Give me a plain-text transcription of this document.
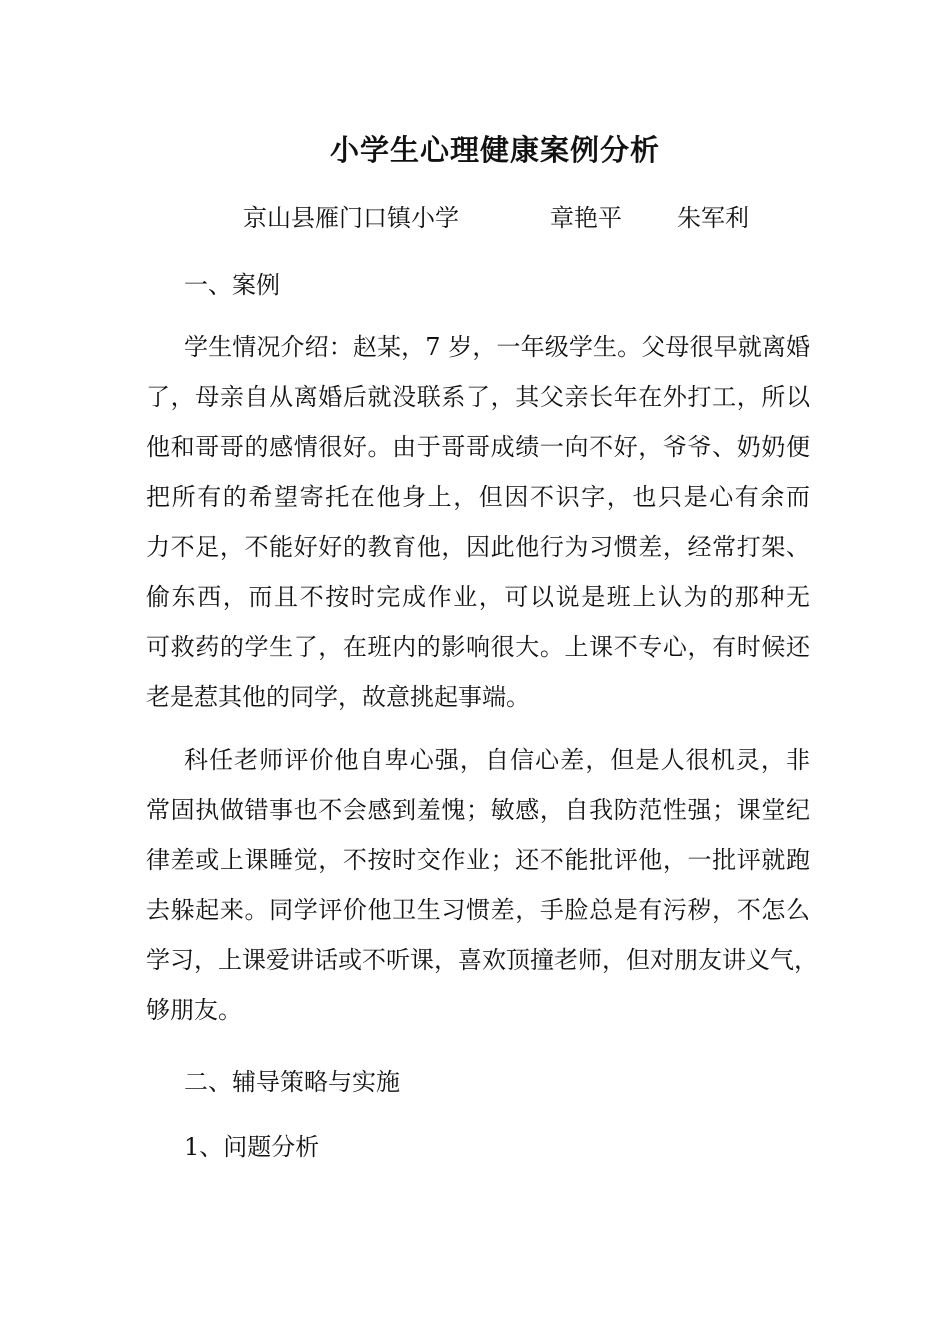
小学生心理健康案例分析
京山县雁门口镇小学	章艳平 朱军利
一、案例
学生情况介绍：赵某，7 岁，一年级学生。父母很早就离婚
了，母亲自从离婚后就没联系了，其父亲长年在外打工，所以
他和哥哥的感情很好。由于哥哥成绩一向不好，爷爷、奶奶便
把所有的希望寄托在他身上，但因不识字，也只是心有余而
力不足，不能好好的教育他，因此他行为习惯差，经常打架、
偷东西，而且不按时完成作业，可以说是班上认为的那种无
可救药的学生了，在班内的影响很大。上课不专心，有时候还
老是惹其他的同学，故意挑起事端。
科任老师评价他自卑心强，自信心差，但是人很机灵，非
常固执做错事也不会感到羞愧；敏感，自我防范性强；课堂纪
律差或上课睡觉，不按时交作业；还不能批评他，一批评就跑
去躲起来。同学评价他卫生习惯差，手脸总是有污秽，不怎么
学习，上课爱讲话或不听课，喜欢顶撞老师，但对朋友讲义气，
够朋友。
二、辅导策略与实施
1、问题分析
